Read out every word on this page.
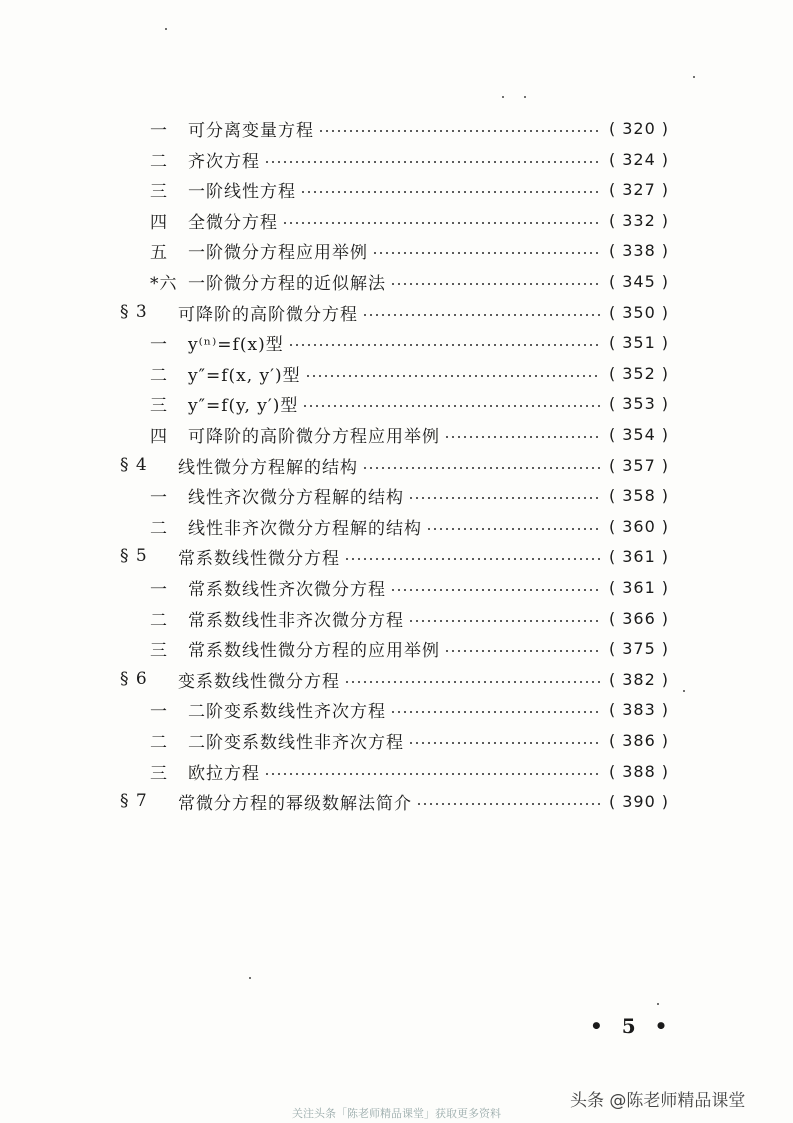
一	可分离变量方程	( 320 )
二	齐次方程	( 324 )
三	一阶线性方程	( 327 )
四	全微分方程	( 332 )
五	一阶微分方程应用举例	( 338 )
*六 一阶微分方程的近似解法	( 345 )
§ 3	可降阶的高阶微分方程	( 350 )
一	y⁽ⁿ⁾=f(x)型	( 351 )
二	y″=f(x, y′)型	( 352 )
三	y″=f(y, y′)型	( 353 )
四	可降阶的高阶微分方程应用举例	( 354 )
§ 4	线性微分方程解的结构	( 357 )
一	线性齐次微分方程解的结构	( 358 )
二	线性非齐次微分方程解的结构	( 360 )
§ 5	常系数线性微分方程	( 361 )
一	常系数线性齐次微分方程	( 361 )
二	常系数线性非齐次微分方程	( 366 )
三	常系数线性微分方程的应用举例	( 375 )
§ 6	变系数线性微分方程	( 382 )
一	二阶变系数线性齐次方程	( 383 )
二	二阶变系数线性非齐次方程	( 386 )
三	欧拉方程	( 388 )
§ 7	常微分方程的幂级数解法简介	( 390 )
• 5 •
头条 @陈老师精品课堂
关注头条「陈老师精品课堂」获取更多资料
